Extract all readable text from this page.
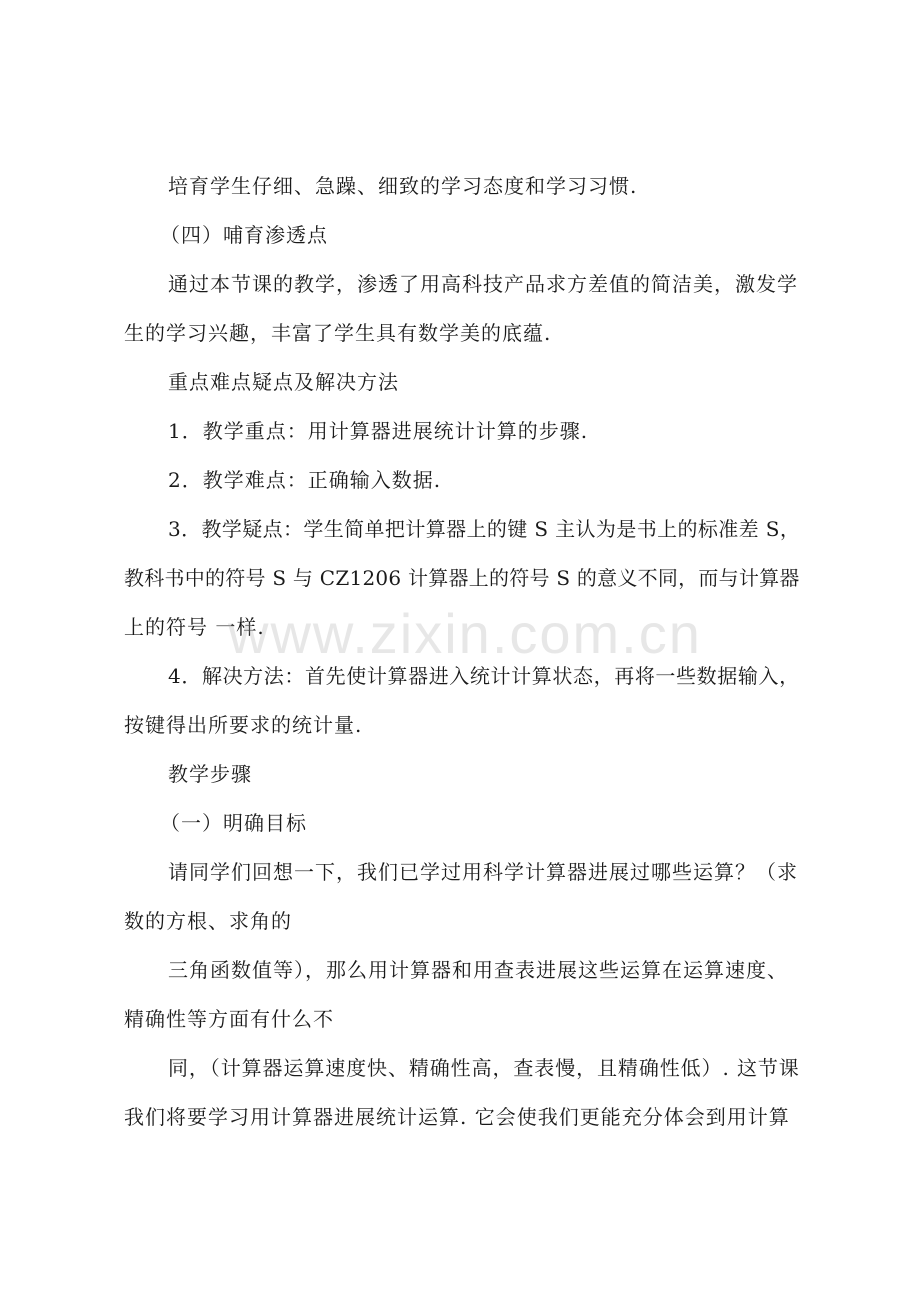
培育学生仔细、急躁、细致的学习态度和学习习惯.
（四）哺育渗透点
通过本节课的教学，渗透了用高科技产品求方差值的简洁美，激发学
生的学习兴趣，丰富了学生具有数学美的底蕴.
重点难点疑点及解决方法
1．教学重点：用计算器进展统计计算的步骤.
2．教学难点：正确输入数据.
3．教学疑点：学生简单把计算器上的键 S 主认为是书上的标准差 S，
教科书中的符号 S 与 CZ1206 计算器上的符号 S 的意义不同，而与计算器
上的符号 一样.
4．解决方法：首先使计算器进入统计计算状态，再将一些数据输入，
按键得出所要求的统计量.
教学步骤
（一）明确目标
请同学们回想一下，我们已学过用科学计算器进展过哪些运算？（求
数的方根、求角的
三角函数值等），那么用计算器和用查表进展这些运算在运算速度、
精确性等方面有什么不
同，（计算器运算速度快、精确性高，查表慢，且精确性低）. 这节课
我们将要学习用计算器进展统计运算. 它会使我们更能充分体会到用计算
www.zixin.com.cn
